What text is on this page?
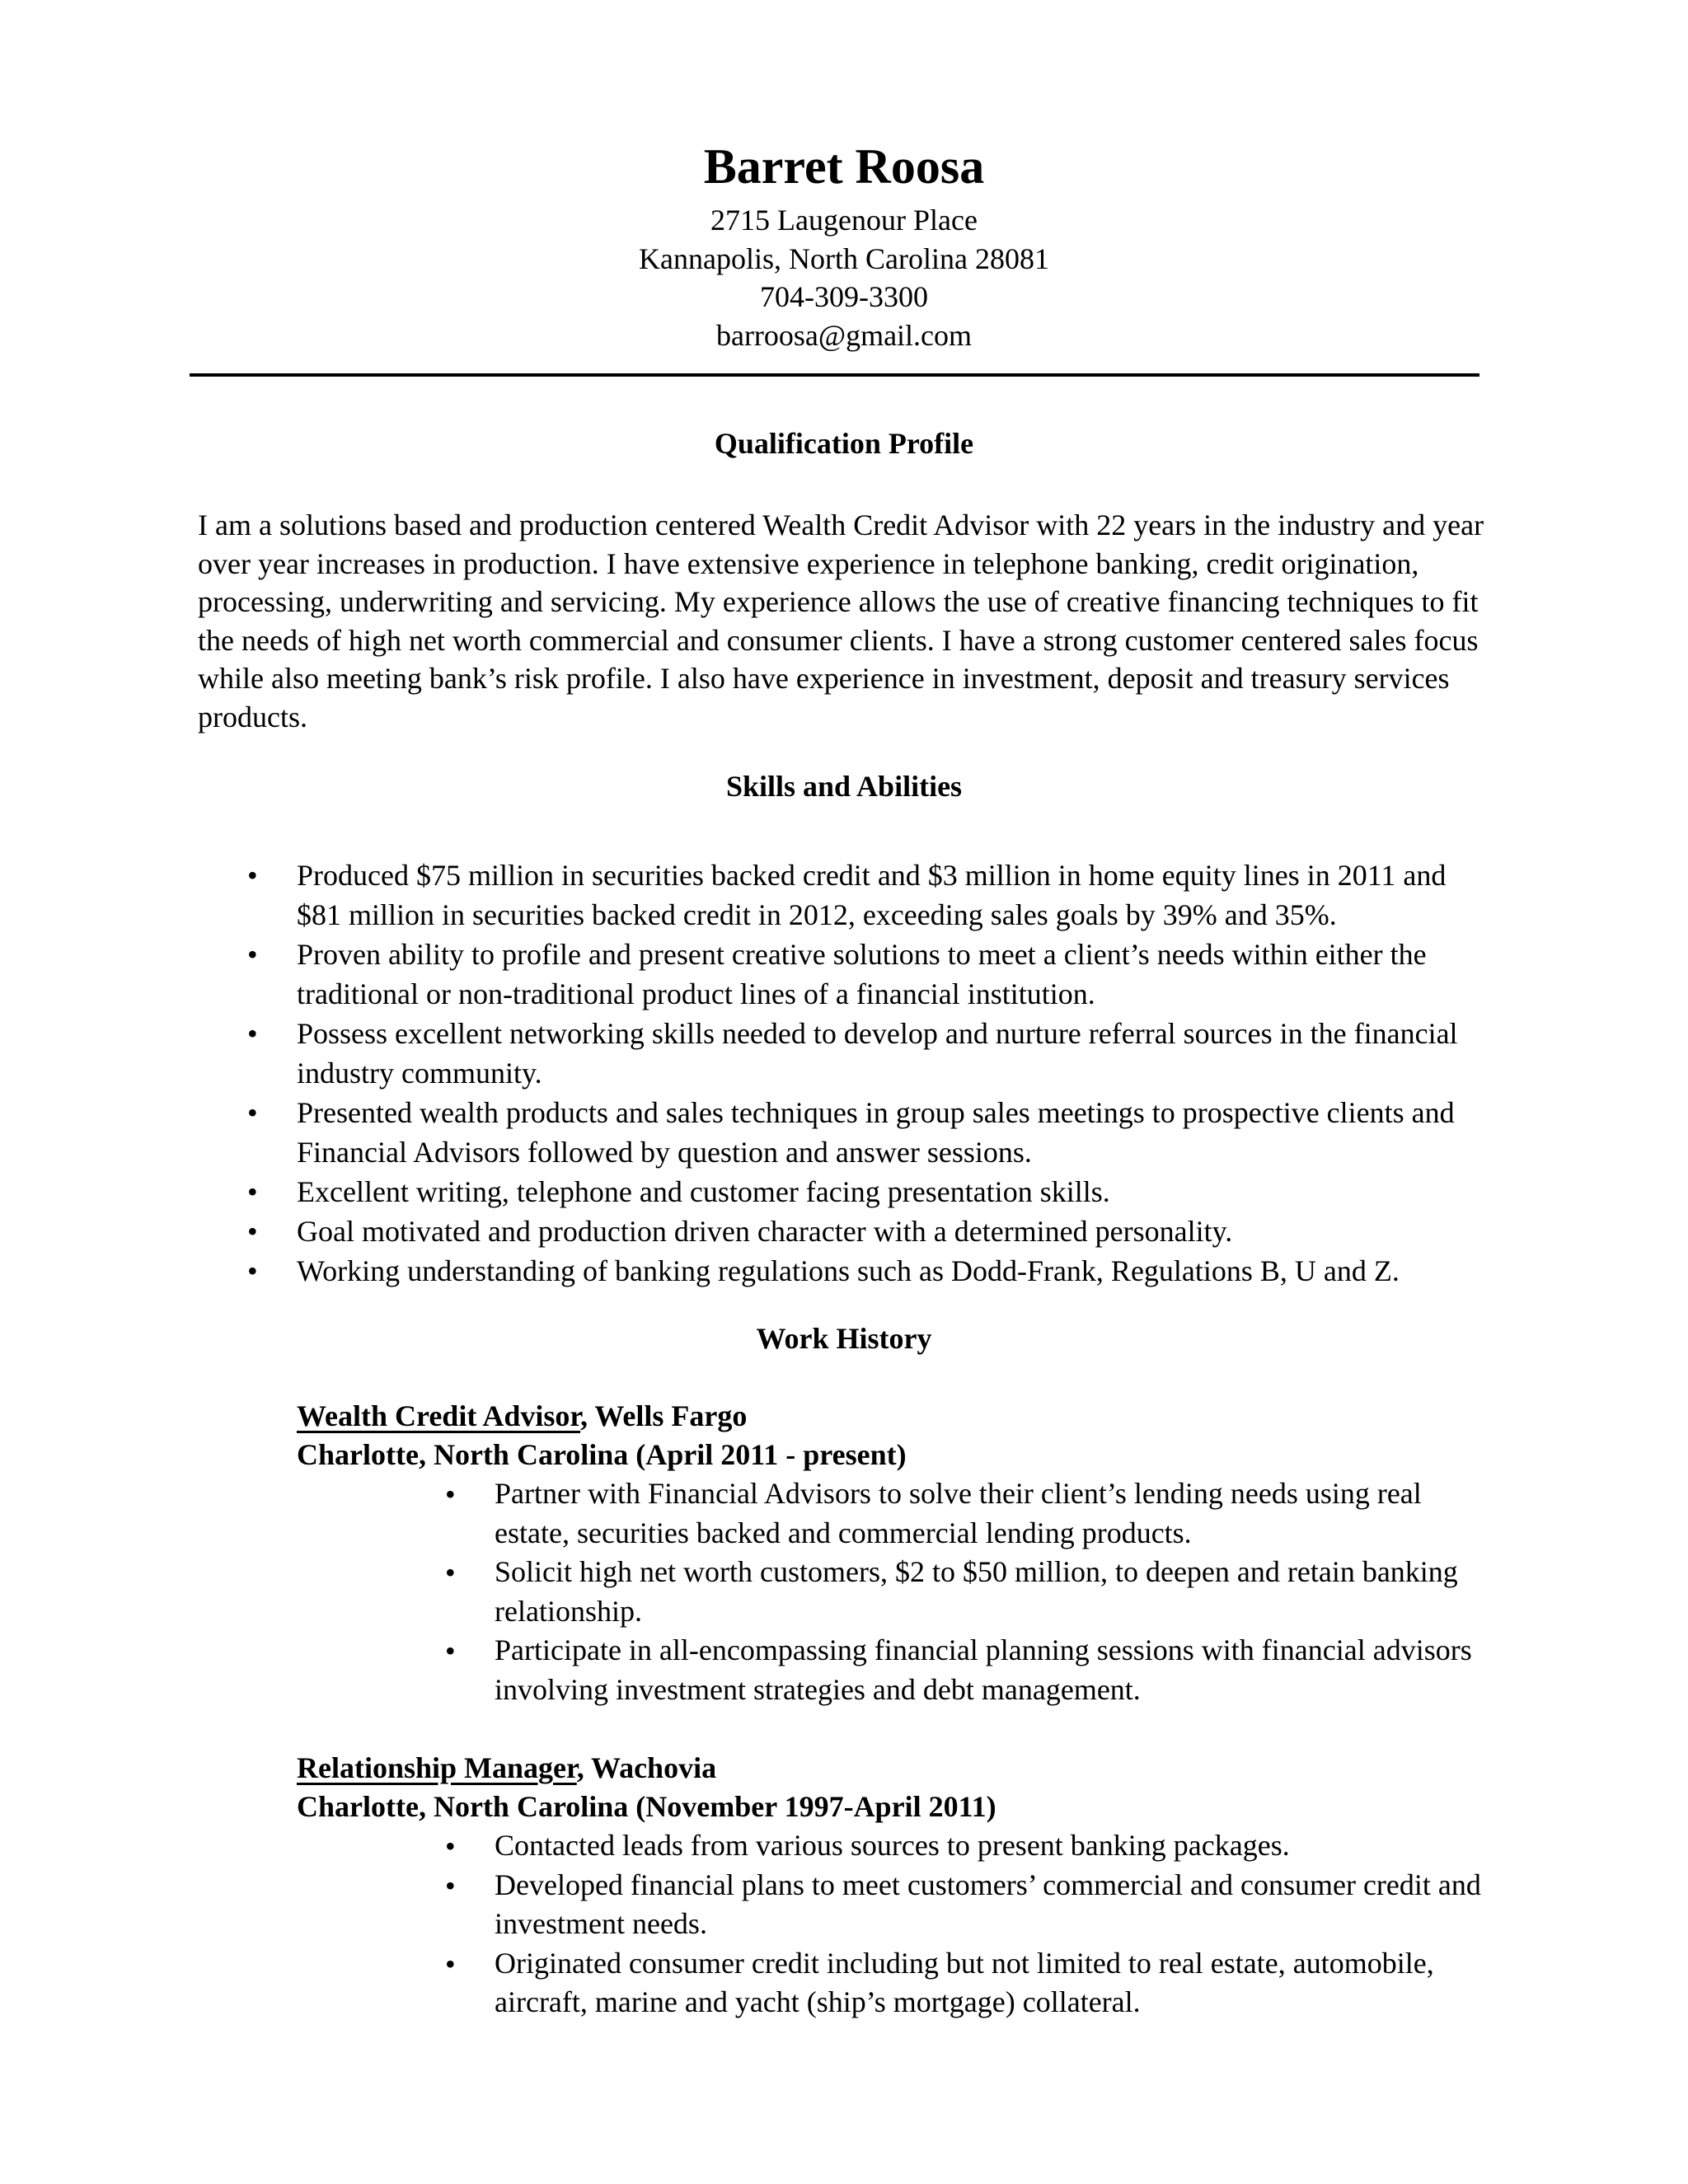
Barret Roosa

2715 Laugenour Place

Kannapolis, North Carolina 28081

704-309-3300

barroosa@gmail.com

Qualification Profile

I am a solutions based and production centered Wealth Credit Advisor with 22 years in the industry and year over year increases in production. I have extensive experience in telephone banking, credit origination, processing, underwriting and servicing. My experience allows the use of creative financing techniques to fit the needs of high net worth commercial and consumer clients. I have a strong customer centered sales focus while also meeting bank’s risk profile. I also have experience in investment, deposit and treasury services products.

Skills and Abilities

• Produced $75 million in securities backed credit and $3 million in home equity lines in 2011 and $81 million in securities backed credit in 2012, exceeding sales goals by 39% and 35%.
• Proven ability to profile and present creative solutions to meet a client’s needs within either the traditional or non-traditional product lines of a financial institution.
• Possess excellent networking skills needed to develop and nurture referral sources in the financial industry community.
• Presented wealth products and sales techniques in group sales meetings to prospective clients and Financial Advisors followed by question and answer sessions.
• Excellent writing, telephone and customer facing presentation skills.
• Goal motivated and production driven character with a determined personality.
• Working understanding of banking regulations such as Dodd-Frank, Regulations B, U and Z.

Work History

Wealth Credit Advisor, Wells Fargo

Charlotte, North Carolina (April 2011 - present)

• Partner with Financial Advisors to solve their client’s lending needs using real estate, securities backed and commercial lending products.
• Solicit high net worth customers, $2 to $50 million, to deepen and retain banking relationship.
• Participate in all-encompassing financial planning sessions with financial advisors involving investment strategies and debt management.

Relationship Manager, Wachovia

Charlotte, North Carolina (November 1997-April 2011)

• Contacted leads from various sources to present banking packages.
• Developed financial plans to meet customers’ commercial and consumer credit and investment needs.
• Originated consumer credit including but not limited to real estate, automobile, aircraft, marine and yacht (ship’s mortgage) collateral.
